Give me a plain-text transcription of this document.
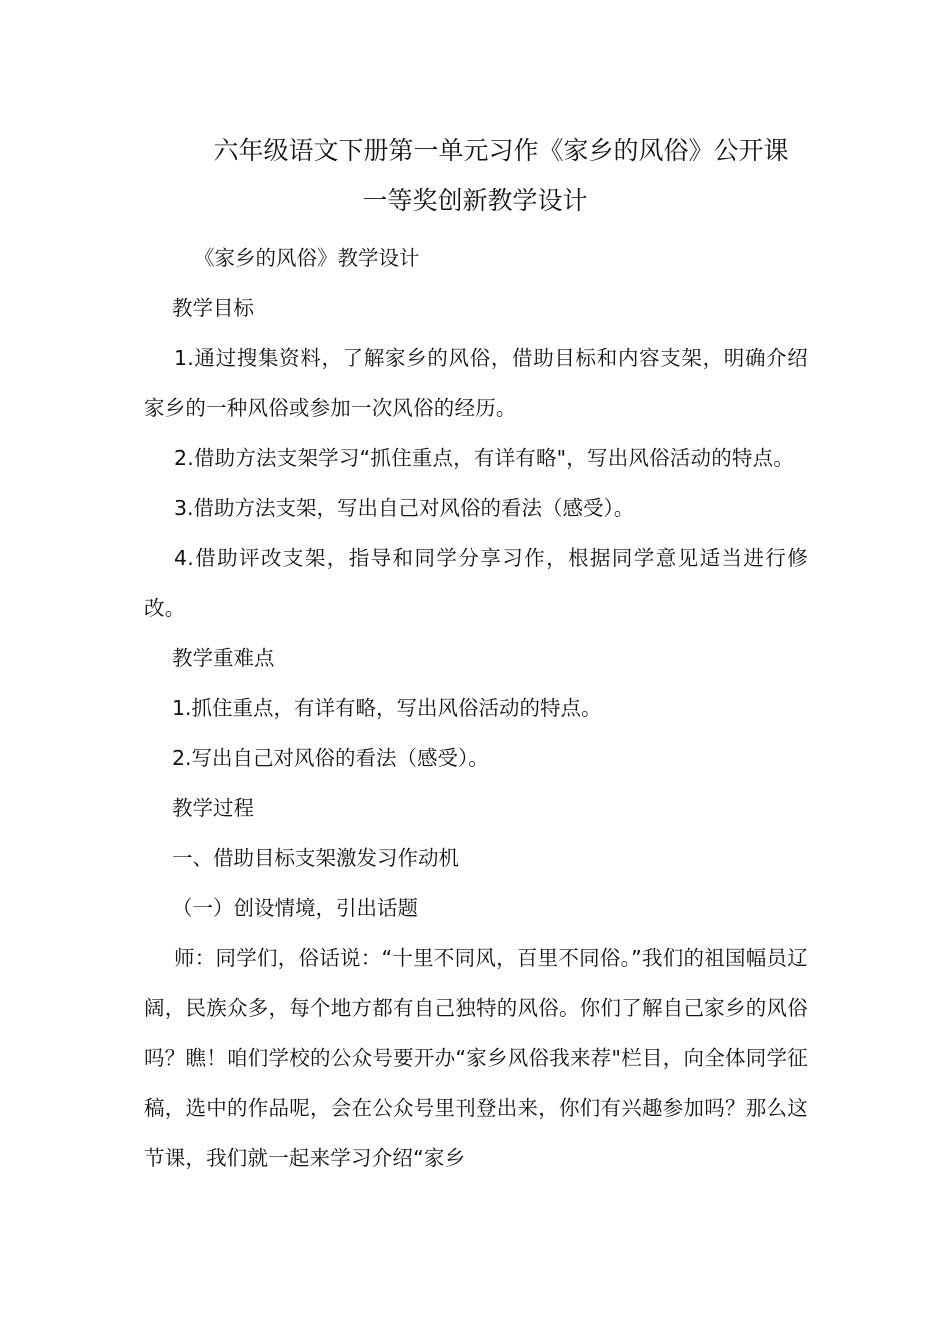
六年级语文下册第一单元习作《家乡的风俗》公开课
一等奖创新教学设计

《家乡的风俗》教学设计

教学目标

1.通过搜集资料，了解家乡的风俗，借助目标和内容支架，明确介绍家乡的一种风俗或参加一次风俗的经历。

2.借助方法支架学习“抓住重点，有详有略"，写出风俗活动的特点。

3.借助方法支架，写出自己对风俗的看法（感受）。

4.借助评改支架，指导和同学分享习作，根据同学意见适当进行修改。

教学重难点

1.抓住重点，有详有略，写出风俗活动的特点。

2.写出自己对风俗的看法（感受）。

教学过程

一、借助目标支架激发习作动机

（一）创设情境，引出话题

师：同学们，俗话说：“十里不同风，百里不同俗。”我们的祖国幅员辽阔，民族众多，每个地方都有自己独特的风俗。你们了解自己家乡的风俗吗？瞧！咱们学校的公众号要开办“家乡风俗我来荐"栏目，向全体同学征稿，选中的作品呢，会在公众号里刊登出来，你们有兴趣参加吗？那么这节课，我们就一起来学习介绍“家乡
